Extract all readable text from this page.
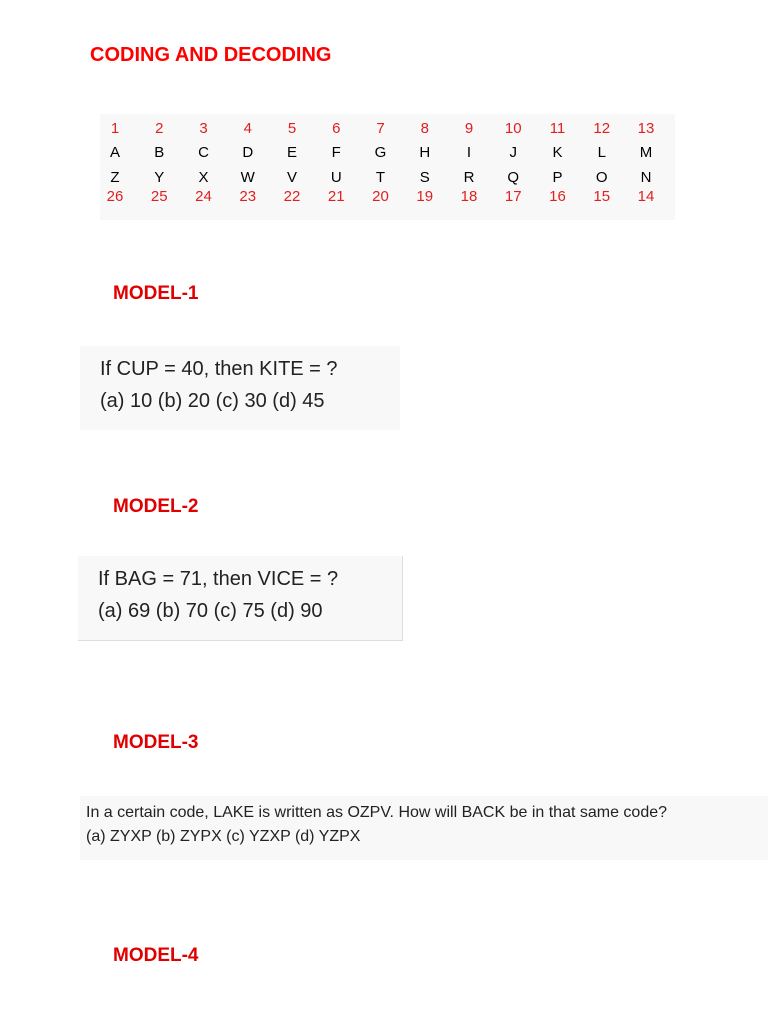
CODING AND DECODING
1	2	3	4	5	6	7	8	9	10	11	12	13
A	B	C	D	E	F	G	H	I	J	K	L	M
Z	Y	X	W	V	U	T	S	R	Q	P	O	N
26	25	24	23	22	21	20	19	18	17	16	15	14
MODEL-1
If CUP = 40, then KITE = ?
(a) 10 (b) 20 (c) 30 (d) 45
MODEL-2
If BAG = 71, then VICE = ?
(a) 69 (b) 70 (c) 75 (d) 90
MODEL-3
In a certain code, LAKE is written as OZPV. How will BACK be in that same code?
(a) ZYXP (b) ZYPX (c) YZXP (d) YZPX
MODEL-4
